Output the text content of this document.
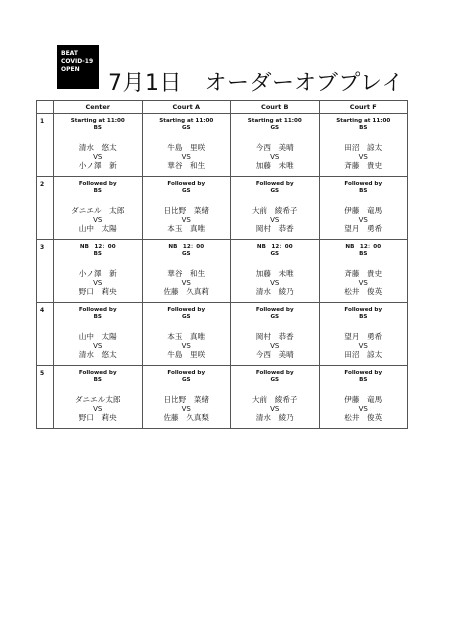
BEAT
COVID-19
OPEN
7月1日　オーダーオブプレイ
	Center	Court A	Court B	Court F
1	Starting at 11:00
BS
清水　悠太
VS
小ノ澤　新	Starting at 11:00
GS
牛島　里咲
VS
華谷　和生	Starting at 11:00
GS
今西　美晴
VS
加藤　未唯	Starting at 11:00
BS
田沼　諒太
VS
斉藤　貴史

2	Followed by
BS
ダニエル　太郎
VS
山中　太陽	Followed by
GS
日比野　菜緒
VS
本玉　真唯	Followed by
GS
大前　綾希子
VS
岡村　恭香	Followed by
BS
伊藤　竜馬
VS
望月　勇希

3	NB　12：00
BS
小ノ澤　新
VS
野口　莉央	NB　12：00
GS
華谷　和生
VS
佐藤　久真莉	NB　12：00
GS
加藤　未唯
VS
清水　綾乃	NB　12：00
BS
斉藤　貴史
VS
松井　俊英

4	Followed by
BS
山中　太陽
VS
清水　悠太	Followed by
GS
本玉　真唯
VS
牛島　里咲	Followed by
GS
岡村　恭香
VS
今西　美晴	Followed by
BS
望月　勇希
VS
田沼　諒太

5	Followed by
BS
ダニエル太郎
VS
野口　莉央	Followed by
GS
日比野　菜緒
VS
佐藤　久真梨	Followed by
GS
大前　綾希子
VS
清水　綾乃	Followed by
BS
伊藤　竜馬
VS
松井　俊英
